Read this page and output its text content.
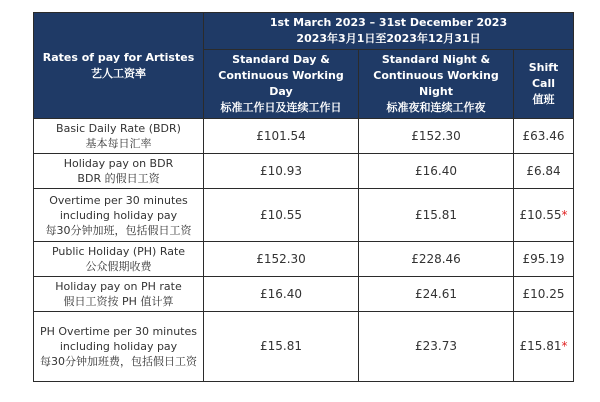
Rates of pay for Artistes
艺人工资率	1st March 2023 – 31st December 2023
2023年3月1日至2023年12月31日		

	Standard Day &
Continuous Working Day
标准工作日及连续工作日	Standard Night &
Continuous Working Night
标准夜和连续工作夜	Shift
Call
值班

Basic Daily Rate (BDR)
基本每日汇率	£101.54	£152.30	£63.46

Holiday pay on BDR
BDR 的假日工资	£10.93	£16.40	£6.84

Overtime per 30 minutes including holiday pay
每30分钟加班，包括假日工资	£10.55	£15.81	£10.55*

Public Holiday (PH) Rate
公众假期收费	£152.30	£228.46	£95.19

Holiday pay on PH rate
假日工资按 PH 值计算	£16.40	£24.61	£10.25

PH Overtime per 30 minutes including holiday pay
每30分钟加班费，包括假日工资	£15.81	£23.73	£15.81*
